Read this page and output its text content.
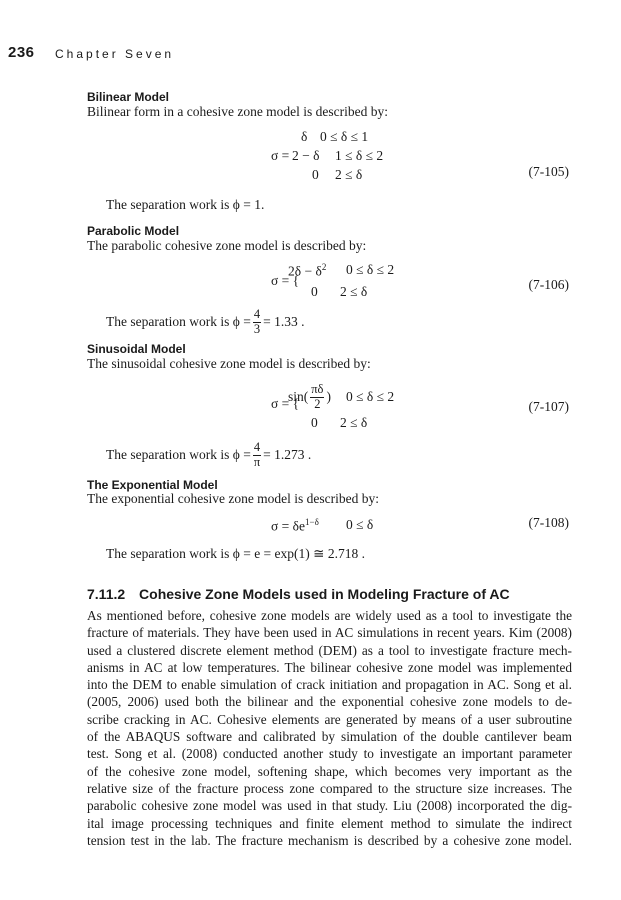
236 Chapter Seven
Bilinear Model
Bilinear form in a cohesive zone model is described by:
δ 0 ≤ δ ≤ 1
σ = 2 − δ 1 ≤ δ ≤ 2
0 2 ≤ δ	(7-105)
The separation work is ϕ = 1.
Parabolic Model
The parabolic cohesive zone model is described by:
σ = {
$2\delta - \delta^2$ 0 ≤ δ ≤ 2
0 2 ≤ δ	(7-106)
The separation work is
$\phi = \frac{4}{3} = 1.33$ .
Sinusoidal Model
The sinusoidal cohesive zone model is described by:
σ = {
$\sin( \frac{\pi\delta}{2}$ ) 0 ≤ δ ≤ 2
0 2 ≤ δ
(7-107)
The separation work is
$\phi = \frac{4}{\pi} = 1.273$ .
The Exponential Model
The exponential cohesive zone model is described by:
$\sigma = \delta e^{1-\delta}$ 0 ≤ δ	(7-108)
The separation work is ϕ = e = exp(1) ≅ 2.718 .
7.11.2 Cohesive Zone Models used in Modeling Fracture of AC
As mentioned before, cohesive zone models are widely used as a tool to investigate the
fracture of materials. They have been used in AC simulations in recent years. Kim (2008)
used a clustered discrete element method (DEM) as a tool to investigate fracture mech-
anisms in AC at low temperatures. The bilinear cohesive zone model was implemented
into the DEM to enable simulation of crack initiation and propagation in AC. Song et al.
(2005, 2006) used both the bilinear and the exponential cohesive zone models to de-
scribe cracking in AC. Cohesive elements are generated by means of a user subroutine
of the ABAQUS software and calibrated by simulation of the double cantilever beam
test. Song et al. (2008) conducted another study to investigate an important parameter
of the cohesive zone model, softening shape, which becomes very important as the
relative size of the fracture process zone compared to the structure size increases. The
parabolic cohesive zone model was used in that study. Liu (2008) incorporated the dig-
ital image processing techniques and finite element method to simulate the indirect
tension test in the lab. The fracture mechanism is described by a cohesive zone model.
